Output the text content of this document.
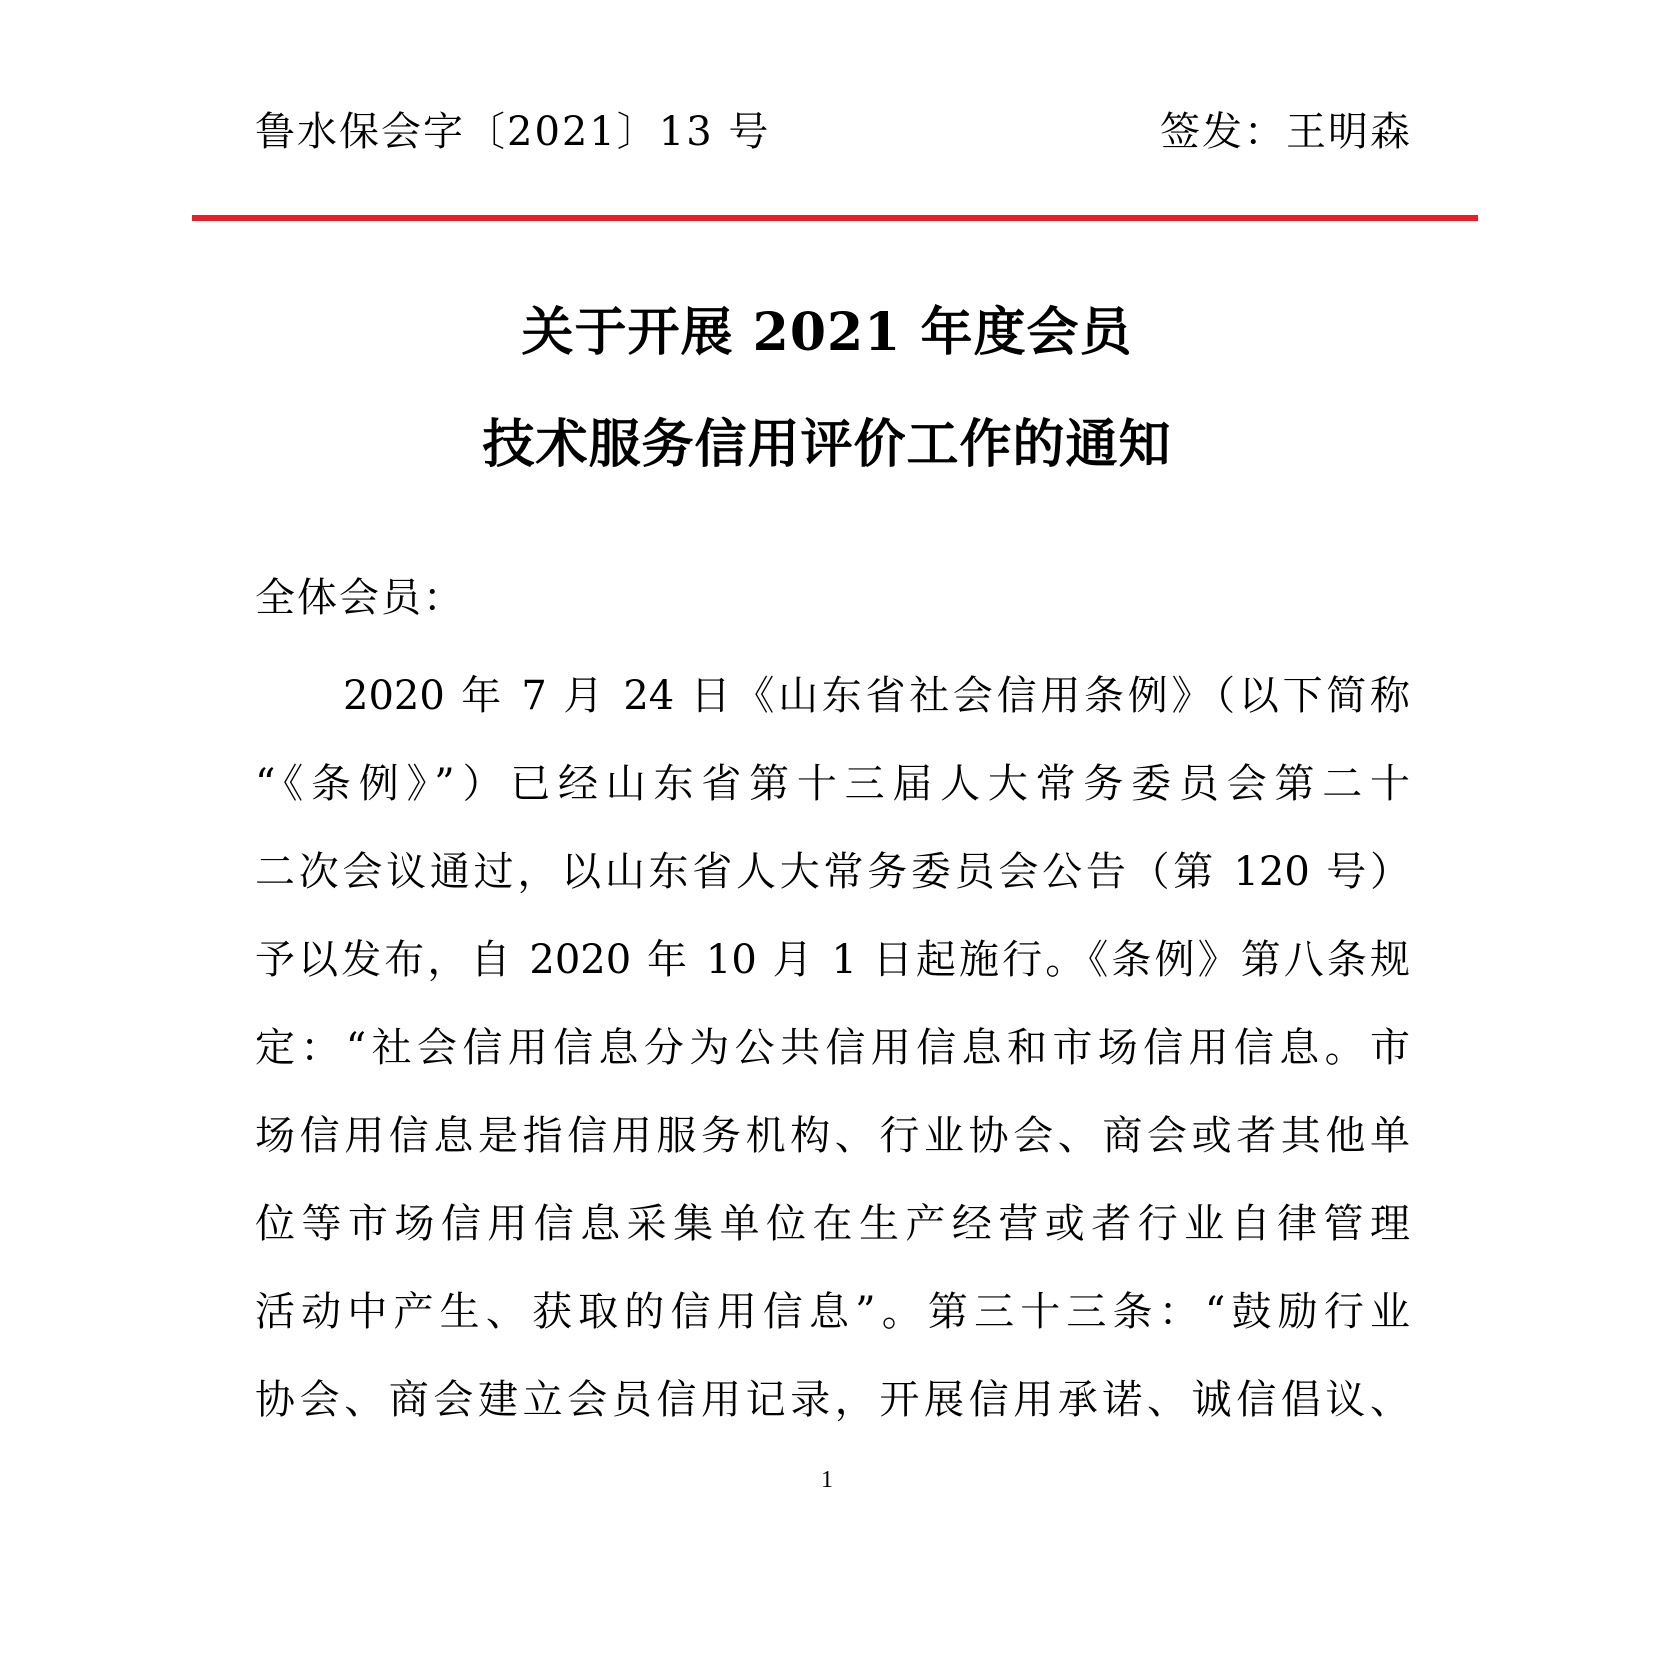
鲁水保会字〔2021〕13 号	签发：王明森
关于开展 2021 年度会员
技术服务信用评价工作的通知
全体会员：
2020 年 7 月 24 日《山东省社会信用条例》（以下简称
“《条例》”）已经山东省第十三届人大常务委员会第二十
二次会议通过，以山东省人大常务委员会公告（第 120 号）
予以发布，自 2020 年 10 月 1 日起施行。《条例》第八条规
定：“社会信用信息分为公共信用信息和市场信用信息。市
场信用信息是指信用服务机构、行业协会、商会或者其他单
位等市场信用信息采集单位在生产经营或者行业自律管理
活动中产生、获取的信用信息”。第三十三条：“鼓励行业
协会、商会建立会员信用记录，开展信用承诺、诚信倡议、
1
